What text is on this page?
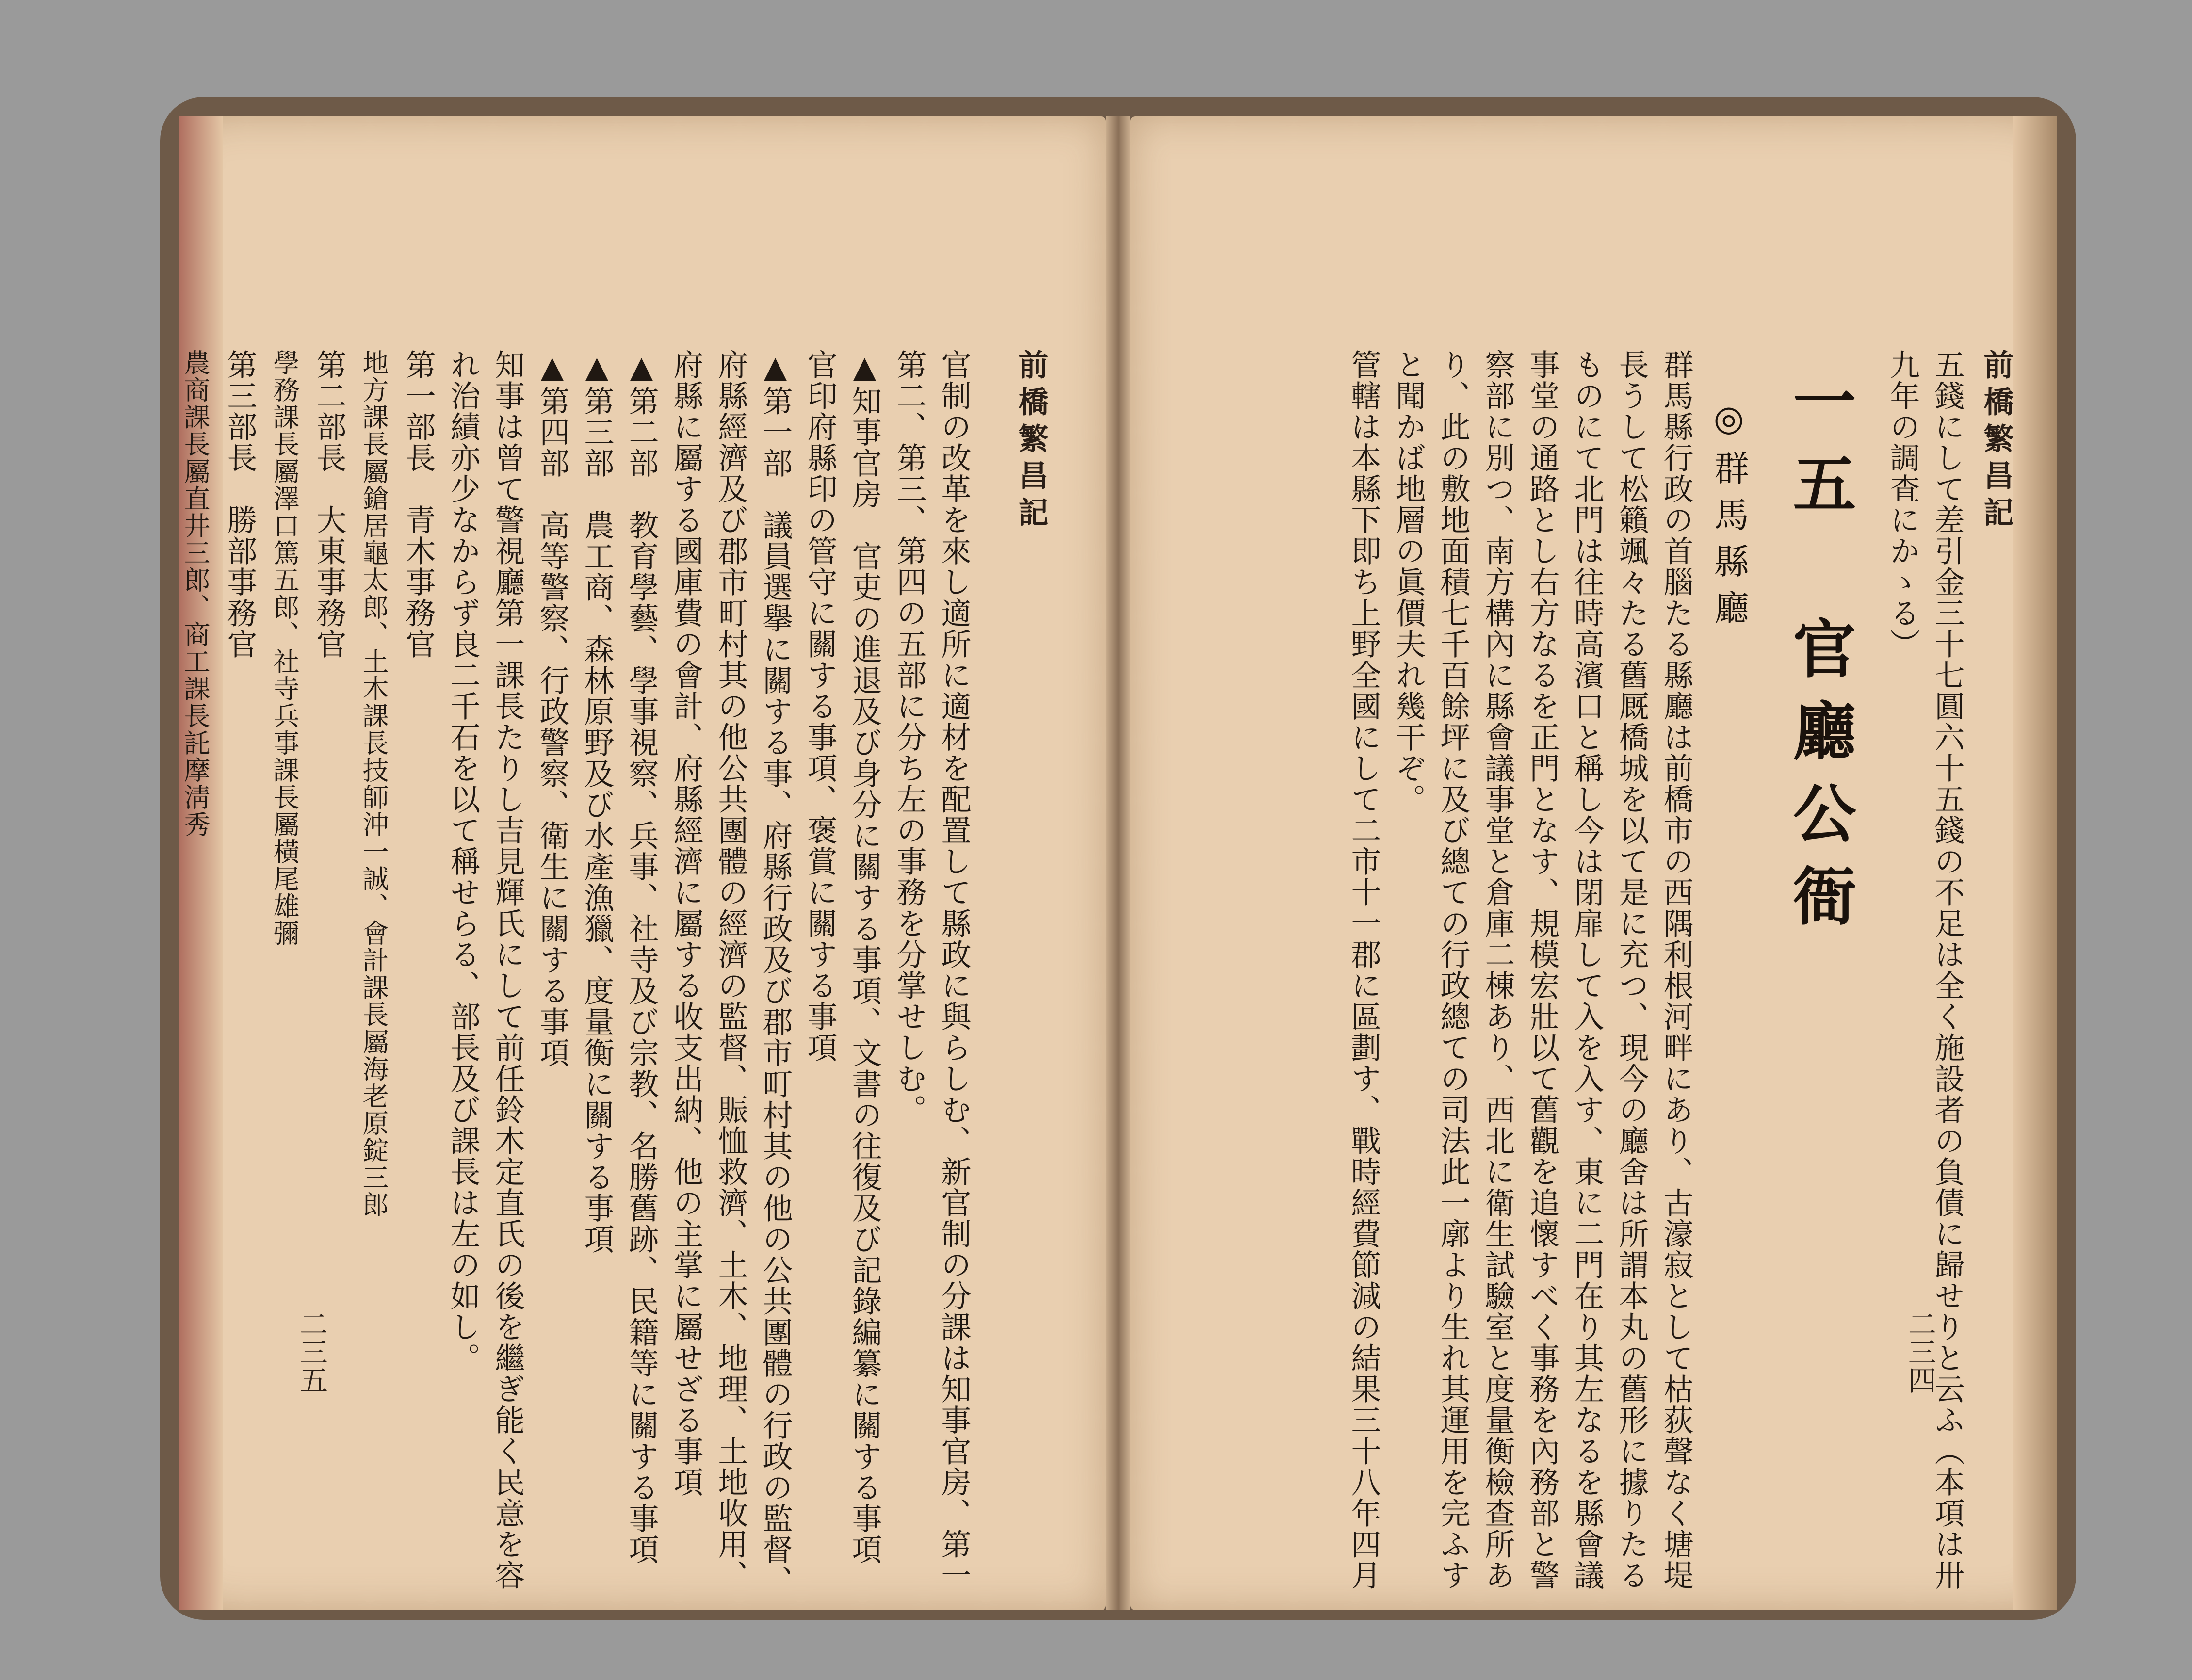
前橋繁昌記
官制の改革を來し適所に適材を配置して縣政に與らしむ、新官制の分課は知事官房、第一
第二、第三、第四の五部に分ち左の事務を分掌せしむ。
▲知事官房　官吏の進退及び身分に關する事項、文書の往復及び記錄編纂に關する事項
官印府縣印の管守に關する事項、褒賞に關する事項
▲第一部　議員選擧に關する事、府縣行政及び郡市町村其の他の公共團體の行政の監督、
府縣經濟及び郡市町村其の他公共團體の經濟の監督、賑恤救濟、土木、地理、土地收用、
府縣に屬する國庫費の會計、府縣經濟に屬する收支出納、他の主掌に屬せざる事項
▲第二部　教育學藝、學事視察、兵事、社寺及び宗教、名勝舊跡、民籍等に關する事項
▲第三部　農工商、森林原野及び水產漁獵、度量衡に關する事項
▲第四部　高等警察、行政警察、衛生に關する事項
知事は曾て警視廳第一課長たりし吉見輝氏にして前任鈴木定直氏の後を繼ぎ能く民意を容
れ治績亦少なからず良二千石を以て稱せらる、部長及び課長は左の如し。
第一部長　青木事務官
地方課長屬鎗居龜太郎、土木課長技師沖一誠、會計課長屬海老原錠三郎
第二部長　大東事務官
學務課長屬澤口篤五郎、社寺兵事課長屬橫尾雄彌
第三部長　勝部事務官
農商課長屬直井三郎、商工課長託摩淸秀
二三五
前橋繁昌記
五錢にして差引金三十七圓六十五錢の不足は全く施設者の負債に歸せりと云ふ（本項は卅
九年の調査にかゝる）
一五　官廳公衙
◎群馬縣廳
群馬縣行政の首腦たる縣廳は前橋市の西隅利根河畔にあり、古濠寂として枯荻聲なく塘堤
長うして松籟颯々たる舊厩橋城を以て是に充つ、現今の廳舍は所謂本丸の舊形に據りたる
ものにて北門は往時高濱口と稱し今は閉扉して入を入す、東に二門在り其左なるを縣會議
事堂の通路とし右方なるを正門となす、規模宏壯以て舊觀を追懷すべく事務を內務部と警
察部に別つ、南方構內に縣會議事堂と倉庫二棟あり、西北に衛生試驗室と度量衡檢查所あ
り、此の敷地面積七千百餘坪に及び總ての行政總ての司法此一廓より生れ其運用を完ふす
と聞かば地層の眞價夫れ幾干ぞ。
管轄は本縣下即ち上野全國にして二市十一郡に區劃す、戰時經費節減の結果三十八年四月	二三四
